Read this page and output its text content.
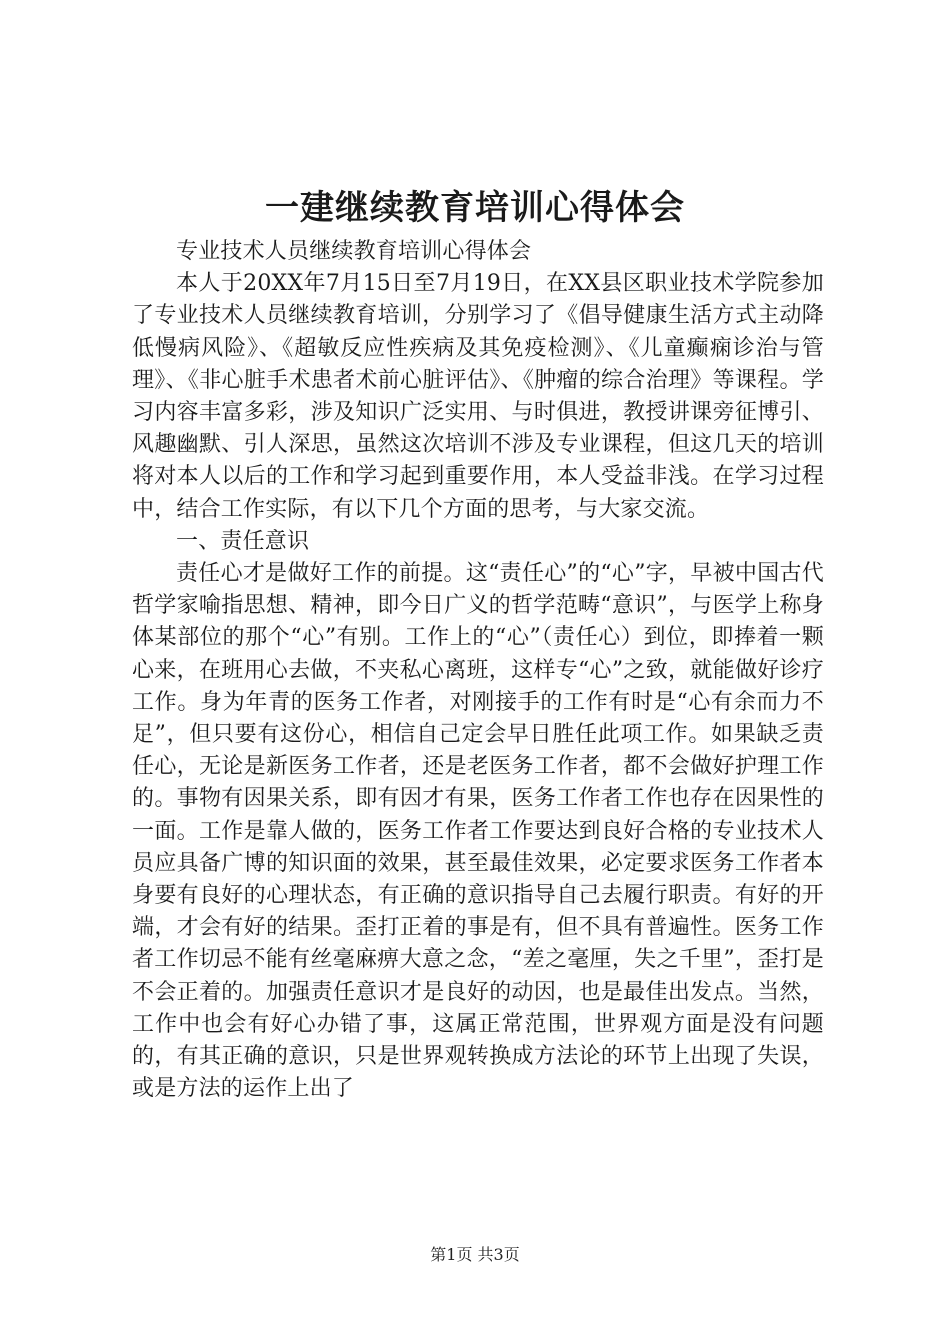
一建继续教育培训心得体会

专业技术人员继续教育培训心得体会

本人于20XX年7月15日至7月19日，在XX县区职业技术学院参加了专业技术人员继续教育培训，分别学习了《倡导健康生活方式主动降低慢病风险》、《超敏反应性疾病及其免疫检测》、《儿童癫痫诊治与管理》、《非心脏手术患者术前心脏评估》、《肿瘤的综合治理》等课程。学习内容丰富多彩，涉及知识广泛实用、与时俱进，教授讲课旁征博引、风趣幽默、引人深思，虽然这次培训不涉及专业课程，但这几天的培训将对本人以后的工作和学习起到重要作用，本人受益非浅。在学习过程中，结合工作实际，有以下几个方面的思考，与大家交流。

一、责任意识

责任心才是做好工作的前提。这“责任心”的“心”字，早被中国古代哲学家喻指思想、精神，即今日广义的哲学范畴“意识”，与医学上称身体某部位的那个“心”有别。工作上的“心”（责任心）到位，即捧着一颗心来，在班用心去做，不夹私心离班，这样专“心”之致，就能做好诊疗工作。身为年青的医务工作者，对刚接手的工作有时是“心有余而力不足”，但只要有这份心，相信自己定会早日胜任此项工作。如果缺乏责任心，无论是新医务工作者，还是老医务工作者，都不会做好护理工作的。事物有因果关系，即有因才有果，医务工作者工作也存在因果性的一面。工作是靠人做的，医务工作者工作要达到良好合格的专业技术人员应具备广博的知识面的效果，甚至最佳效果，必定要求医务工作者本身要有良好的心理状态，有正确的意识指导自己去履行职责。有好的开端，才会有好的结果。歪打正着的事是有，但不具有普遍性。医务工作者工作切忌不能有丝毫麻痹大意之念，“差之毫厘，失之千里”，歪打是不会正着的。加强责任意识才是良好的动因，也是最佳出发点。当然，工作中也会有好心办错了事，这属正常范围，世界观方面是没有问题的，有其正确的意识，只是世界观转换成方法论的环节上出现了失误，或是方法的运作上出了

第1页 共3页
